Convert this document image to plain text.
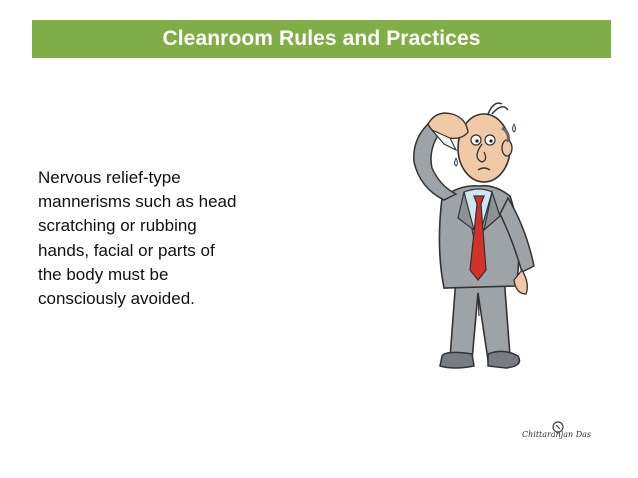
Cleanroom Rules and Practices
Nervous relief-type
mannerisms such as head
scratching or rubbing
hands, facial or parts of
the body must be
consciously avoided.
Chittaranjan Das
